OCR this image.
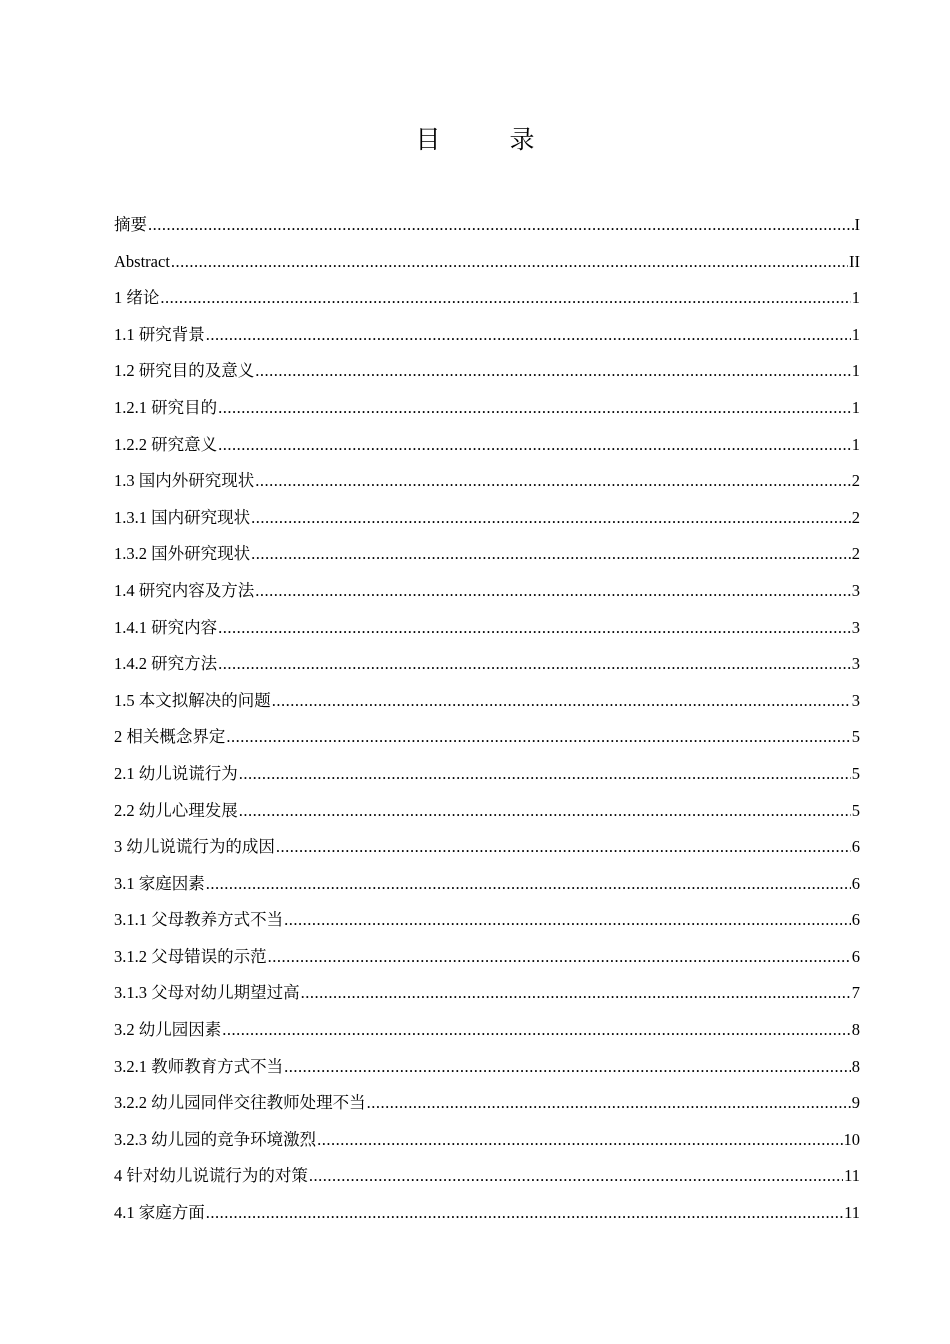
目　录
摘要 .....	I
Abstract .....	II
1 绪论 .....	1
1.1 研究背景 .....	1
1.2 研究目的及意义 .....	1
1.2.1 研究目的 .....	1
1.2.2 研究意义 .....	1
1.3 国内外研究现状 .....	2
1.3.1 国内研究现状 .....	2
1.3.2 国外研究现状 .....	2
1.4 研究内容及方法 .....	3
1.4.1 研究内容 .....	3
1.4.2 研究方法 .....	3
1.5 本文拟解决的问题 .....	3
2 相关概念界定 .....	5
2.1 幼儿说谎行为 .....	5
2.2 幼儿心理发展 .....	5
3 幼儿说谎行为的成因 .....	6
3.1 家庭因素 .....	6
3.1.1 父母教养方式不当 .....	6
3.1.2 父母错误的示范 .....	6
3.1.3 父母对幼儿期望过高 .....	7
3.2 幼儿园因素 .....	8
3.2.1 教师教育方式不当 .....	8
3.2.2 幼儿园同伴交往教师处理不当 .....	9
3.2.3 幼儿园的竞争环境激烈 .....	10
4 针对幼儿说谎行为的对策 .....	11
4.1 家庭方面 .....	11
